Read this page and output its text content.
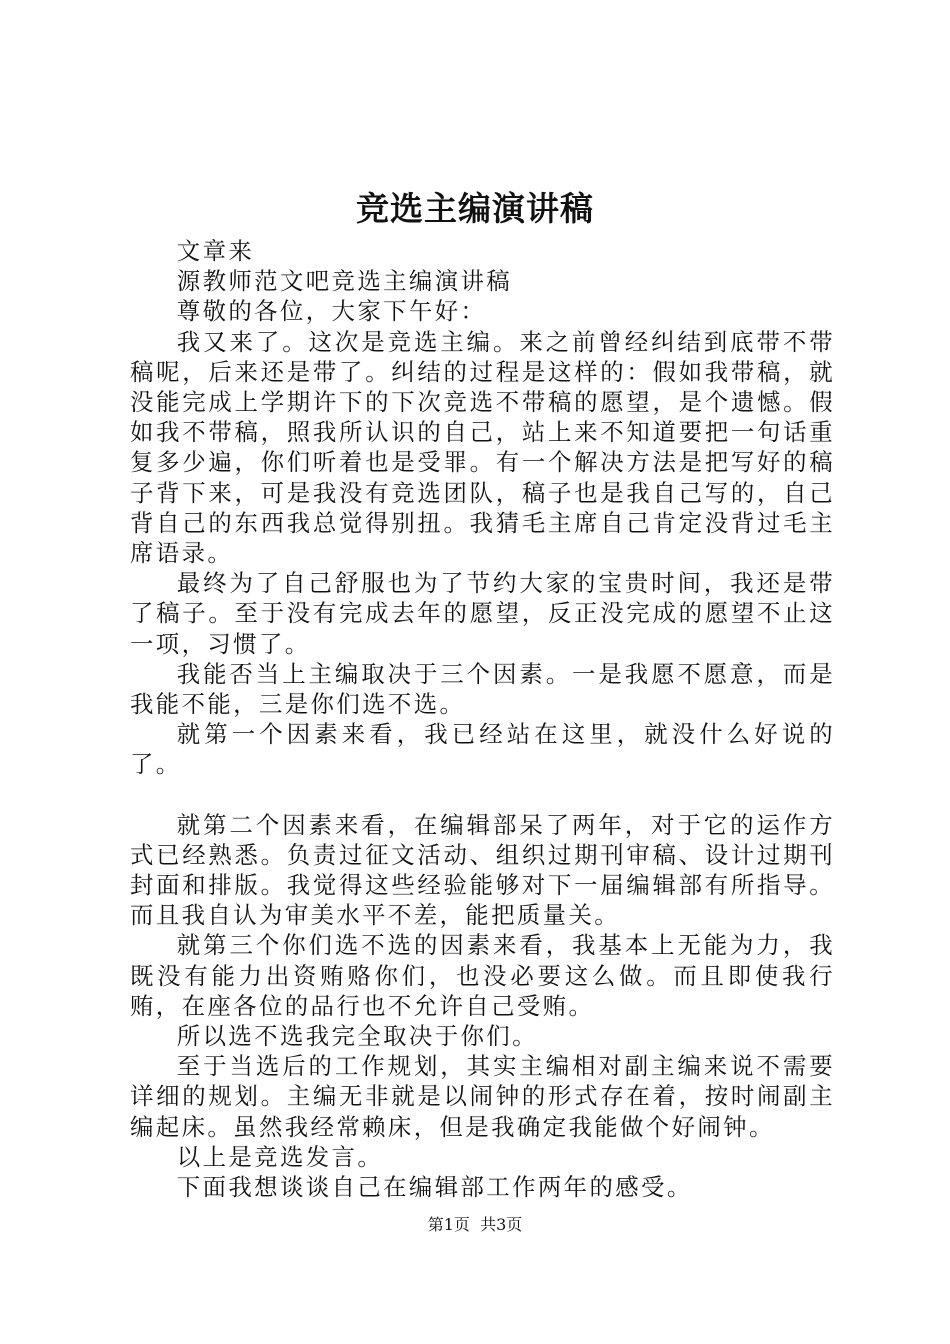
竞选主编演讲稿

文章来

源教师范文吧竞选主编演讲稿

尊敬的各位，大家下午好：

我又来了。这次是竞选主编。来之前曾经纠结到底带不带稿呢，后来还是带了。纠结的过程是这样的：假如我带稿，就没能完成上学期许下的下次竞选不带稿的愿望，是个遗憾。假如我不带稿，照我所认识的自己，站上来不知道要把一句话重复多少遍，你们听着也是受罪。有一个解决方法是把写好的稿子背下来，可是我没有竞选团队，稿子也是我自己写的，自己背自己的东西我总觉得别扭。我猜毛主席自己肯定没背过毛主席语录。

最终为了自己舒服也为了节约大家的宝贵时间，我还是带了稿子。至于没有完成去年的愿望，反正没完成的愿望不止这一项，习惯了。

我能否当上主编取决于三个因素。一是我愿不愿意，而是我能不能，三是你们选不选。

就第一个因素来看，我已经站在这里，就没什么好说的了。

就第二个因素来看，在编辑部呆了两年，对于它的运作方式已经熟悉。负责过征文活动、组织过期刊审稿、设计过期刊封面和排版。我觉得这些经验能够对下一届编辑部有所指导。而且我自认为审美水平不差，能把质量关。

就第三个你们选不选的因素来看，我基本上无能为力，我既没有能力出资贿赂你们，也没必要这么做。而且即使我行贿，在座各位的品行也不允许自己受贿。

所以选不选我完全取决于你们。

至于当选后的工作规划，其实主编相对副主编来说不需要详细的规划。主编无非就是以闹钟的形式存在着，按时闹副主编起床。虽然我经常赖床，但是我确定我能做个好闹钟。

以上是竞选发言。

下面我想谈谈自己在编辑部工作两年的感受。

第1页 共3页
